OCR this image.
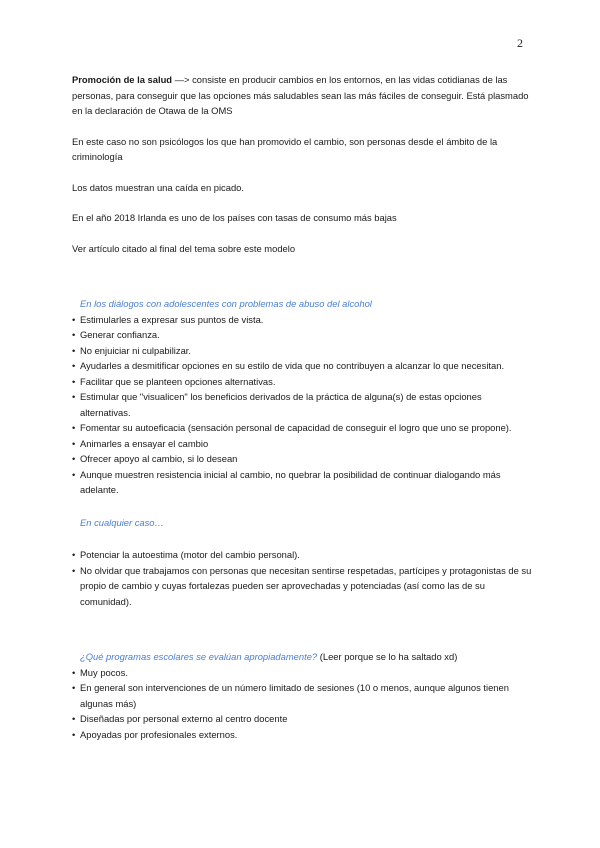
2

Promoción de la salud —> consiste en producir cambios en los entornos, en las vidas cotidianas de las personas, para conseguir que las opciones más saludables sean las más fáciles de conseguir. Está plasmado en la declaración de Otawa de la OMS

En este caso no son psicólogos los que han promovido el cambio, son personas desde el ámbito de la criminología

Los datos muestran una caída en picado.

En el año 2018 Irlanda es uno de los países con tasas de consumo más bajas

Ver artículo citado al final del tema sobre este modelo

En los diálogos con adolescentes con problemas de abuso del alcohol

• Estimularles a expresar sus puntos de vista.
• Generar confianza.
• No enjuiciar ni culpabilizar.
• Ayudarles a desmitificar opciones en su estilo de vida que no contribuyen a alcanzar lo que necesitan.
• Facilitar que se planteen opciones alternativas.
• Estimular que "visualicen" los beneficios derivados de la práctica de alguna(s) de estas opciones alternativas.
• Fomentar su autoeficacia (sensación personal de capacidad de conseguir el logro que uno se propone).
• Animarles a ensayar el cambio
• Ofrecer apoyo al cambio, si lo desean
• Aunque muestren resistencia inicial al cambio, no quebrar la posibilidad de continuar dialogando más adelante.

En cualquier caso…

• Potenciar la autoestima (motor del cambio personal).
• No olvidar que trabajamos con personas que necesitan sentirse respetadas, partícipes y protagonistas de su propio de cambio y cuyas fortalezas pueden ser aprovechadas y potenciadas (así como las de su comunidad).

¿Qué programas escolares se evalúan apropiadamente? (Leer porque se lo ha saltado xd)

• Muy pocos.
• En general son intervenciones de un número limitado de sesiones (10 o menos, aunque algunos tienen algunas más)
• Diseñadas por personal externo al centro docente
• Apoyadas por profesionales externos.
